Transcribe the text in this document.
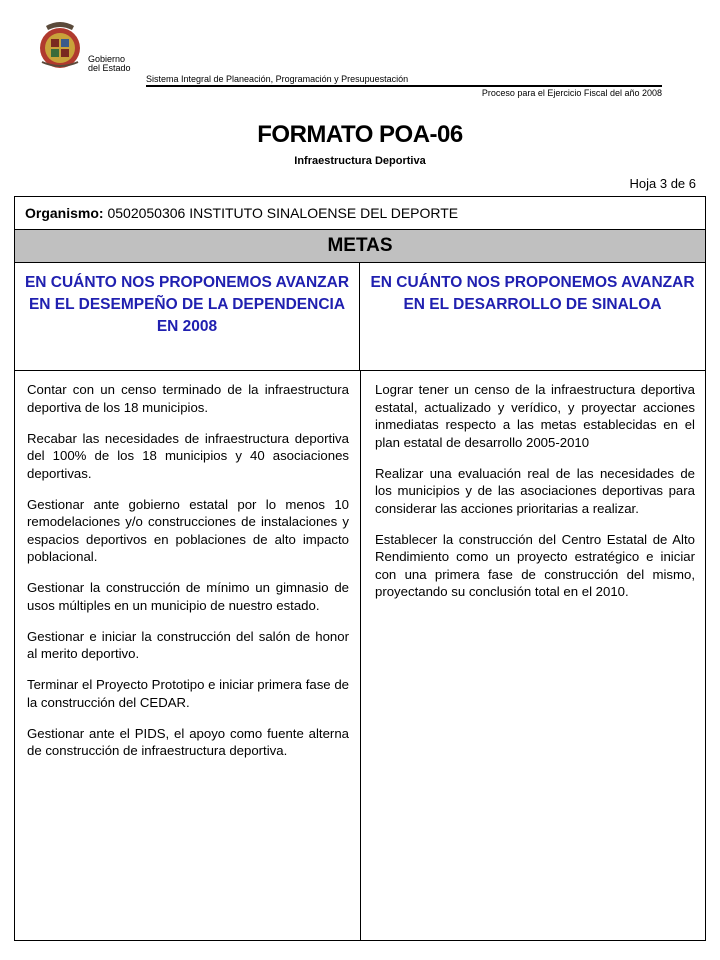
Gobierno
del Estado
Sistema Integral de Planeación, Programación y Presupuestación
Proceso para el Ejercicio Fiscal del año 2008
FORMATO POA-06
Infraestructura Deportiva
Hoja 3 de 6
Organismo: 0502050306 INSTITUTO SINALOENSE DEL DEPORTE
METAS
EN CUÁNTO NOS PROPONEMOS AVANZAR EN EL DESEMPEÑO DE LA DEPENDENCIA EN 2008
EN CUÁNTO NOS PROPONEMOS AVANZAR EN EL DESARROLLO DE SINALOA

Contar con un censo terminado de la infraestructura deportiva de los 18 municipios.

Recabar las necesidades de infraestructura deportiva del 100% de los 18 municipios y 40 asociaciones deportivas.

Gestionar ante gobierno estatal por lo menos 10 remodelaciones y/o construcciones de instalaciones y espacios deportivos en poblaciones de alto impacto poblacional.

Gestionar la construcción de mínimo un gimnasio de usos múltiples en un municipio de nuestro estado.

Gestionar e iniciar la construcción del salón de honor al merito deportivo.

Terminar el Proyecto Prototipo e iniciar primera fase de la construcción del CEDAR.

Gestionar ante el PIDS, el apoyo como fuente alterna de construcción de infraestructura deportiva.

Lograr tener un censo de la infraestructura deportiva estatal, actualizado y verídico, y proyectar acciones inmediatas respecto a las metas establecidas en el plan estatal de desarrollo 2005-2010

Realizar una evaluación real de las necesidades de los municipios y de las asociaciones deportivas para considerar las acciones prioritarias a realizar.

Establecer la construcción del Centro Estatal de Alto Rendimiento como un proyecto estratégico e iniciar con una primera fase de construcción del mismo, proyectando su conclusión total en el 2010.
